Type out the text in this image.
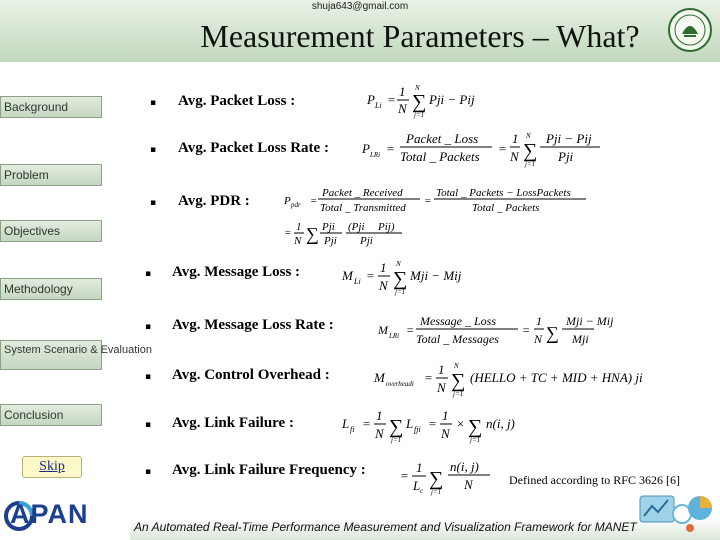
shuja643@gmail.com
Measurement Parameters – What?
Background
Problem
Objectives
Methodology
System Scenario & Evaluation
Conclusion
Skip
APAN
▪ Avg. Packet Loss :
▪ Avg. Packet Loss Rate :
▪ Avg. PDR :
▪ Avg. Message Loss :
▪ Avg. Message Loss Rate :
▪ Avg. Control Overhead :
▪ Avg. Link Failure :
▪ Avg. Link Failure Frequency :
P Li =
1
N ∑
N
j=1
Pji − Pij
P LRi =
Packet _ Loss
Total _ Packets
=
1
N ∑
N
j=1
Pji − Pij
Pji
P pdr =
Packet _ Received
Total _ Transmitted
=
Total _ Packets − LossPackets
Total _ Packets
= 1
N ∑ Pji
Pji
(Pji Pij)
Pji
M Li =
1
N ∑
N
j=1
Mji − Mij
M LRi =
Message _ Loss
Total _ Messages
=
1
N ∑
Mji − Mij
Mji
M overheadi =
1
N ∑
N
j=1
(HELLO + TC + MID + HNA) ji
L fi =
1
N ∑
j=1
L fji =
1
N
× ∑
j=1
n(i, j)
=
1
L c
∑
j=1
n(i, j)
N	Defined according to RFC 3626 [6]
An Automated Real-Time Performance Measurement and Visualization Framework for MANET
